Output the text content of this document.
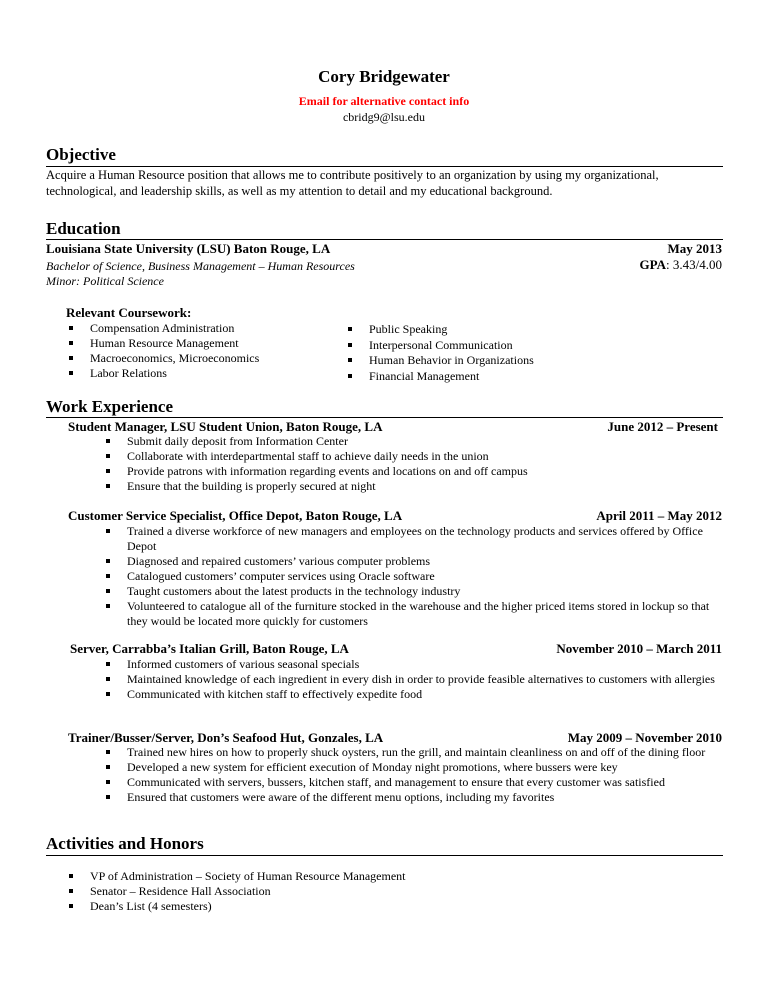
Cory Bridgewater
Email for alternative contact info
cbridg9@lsu.edu
Objective
Acquire a Human Resource position that allows me to contribute positively to an organization by using my organizational, technological, and leadership skills, as well as my attention to detail and my educational background.
Education
Louisiana State University (LSU) Baton Rouge, LA	May 2013
Bachelor of Science, Business Management – Human Resources	GPA: 3.43/4.00
Minor: Political Science
Relevant Coursework:
Compensation Administration
Human Resource Management
Macroeconomics, Microeconomics
Labor Relations
Public Speaking
Interpersonal Communication
Human Behavior in Organizations
Financial Management
Work Experience
Student Manager, LSU Student Union, Baton Rouge, LA	June 2012 – Present
Submit daily deposit from Information Center
Collaborate with interdepartmental staff to achieve daily needs in the union
Provide patrons with information regarding events and locations on and off campus
Ensure that the building is properly secured at night
Customer Service Specialist, Office Depot, Baton Rouge, LA	April 2011 – May 2012
Trained a diverse workforce of new managers and employees on the technology products and services offered by Office Depot
Diagnosed and repaired customers’ various computer problems
Catalogued customers’ computer services using Oracle software
Taught customers about the latest products in the technology industry
Volunteered to catalogue all of the furniture stocked in the warehouse and the higher priced items stored in lockup so that they would be located more quickly for customers
Server, Carrabba’s Italian Grill, Baton Rouge, LA	November 2010 – March 2011
Informed customers of various seasonal specials
Maintained knowledge of each ingredient in every dish in order to provide feasible alternatives to customers with allergies
Communicated with kitchen staff to effectively expedite food
Trainer/Busser/Server, Don’s Seafood Hut, Gonzales, LA	May 2009 – November 2010
Trained new hires on how to properly shuck oysters, run the grill, and maintain cleanliness on and off of the dining floor
Developed a new system for efficient execution of Monday night promotions, where bussers were key
Communicated with servers, bussers, kitchen staff, and management to ensure that every customer was satisfied
Ensured that customers were aware of the different menu options, including my favorites
Activities and Honors
VP of Administration – Society of Human Resource Management
Senator – Residence Hall Association
Dean’s List (4 semesters)
